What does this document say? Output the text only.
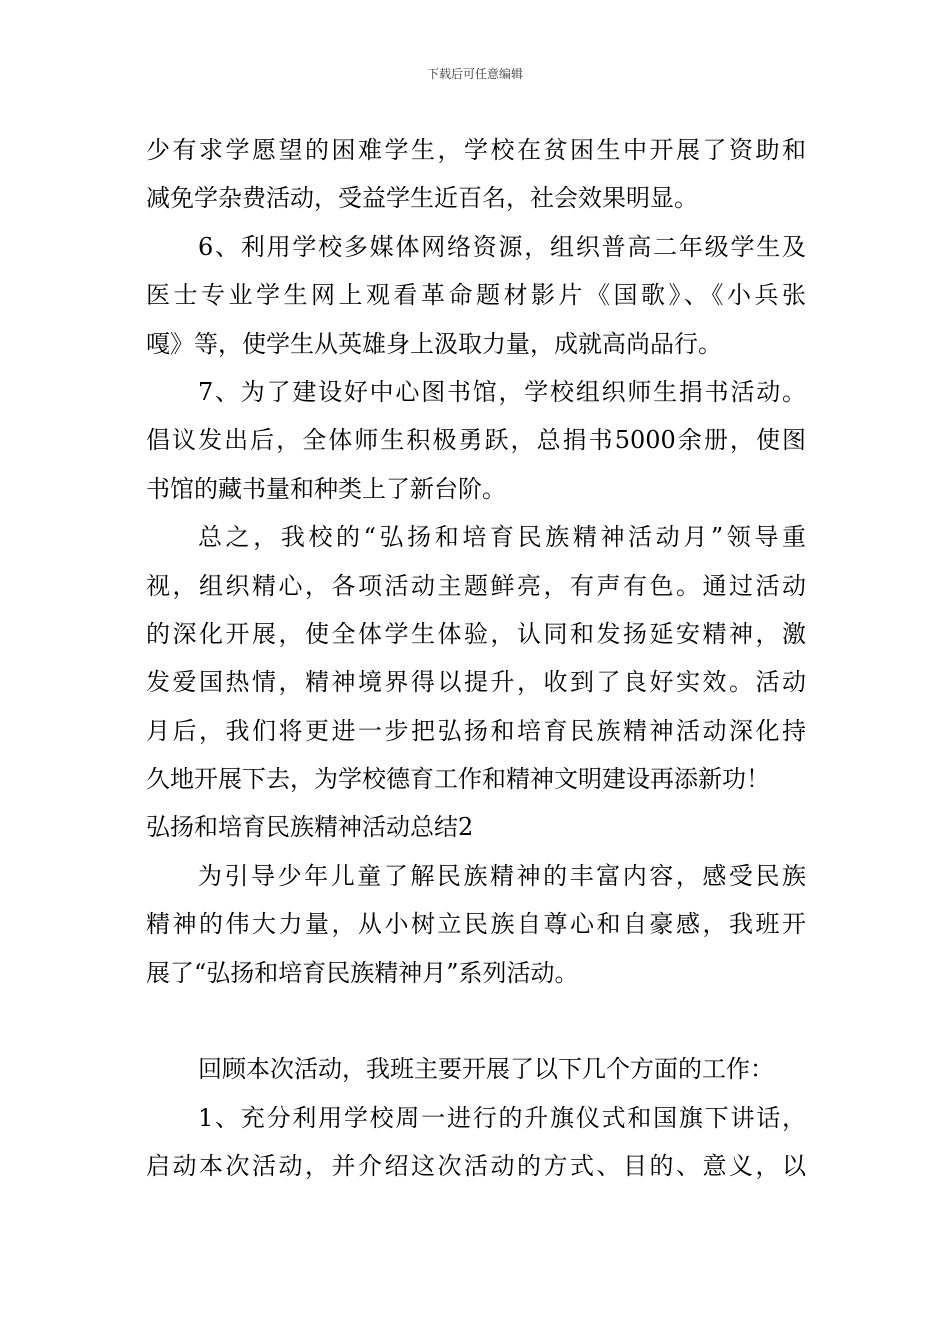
下载后可任意编辑
少有求学愿望的困难学生，学校在贫困生中开展了资助和
减免学杂费活动，受益学生近百名，社会效果明显。
6、利用学校多媒体网络资源，组织普高二年级学生及
医士专业学生网上观看革命题材影片《国歌》、《小兵张
嘎》等，使学生从英雄身上汲取力量，成就高尚品行。
7、为了建设好中心图书馆，学校组织师生捐书活动。
倡议发出后，全体师生积极勇跃，总捐书5000余册，使图
书馆的藏书量和种类上了新台阶。
总之，我校的“弘扬和培育民族精神活动月”领导重
视，组织精心，各项活动主题鲜亮，有声有色。通过活动
的深化开展，使全体学生体验，认同和发扬延安精神，激
发爱国热情，精神境界得以提升，收到了良好实效。活动
月后，我们将更进一步把弘扬和培育民族精神活动深化持
久地开展下去，为学校德育工作和精神文明建设再添新功！
弘扬和培育民族精神活动总结2
为引导少年儿童了解民族精神的丰富内容，感受民族
精神的伟大力量，从小树立民族自尊心和自豪感，我班开
展了“弘扬和培育民族精神月”系列活动。
回顾本次活动，我班主要开展了以下几个方面的工作：
1、充分利用学校周一进行的升旗仪式和国旗下讲话，
启动本次活动，并介绍这次活动的方式、目的、意义，以
